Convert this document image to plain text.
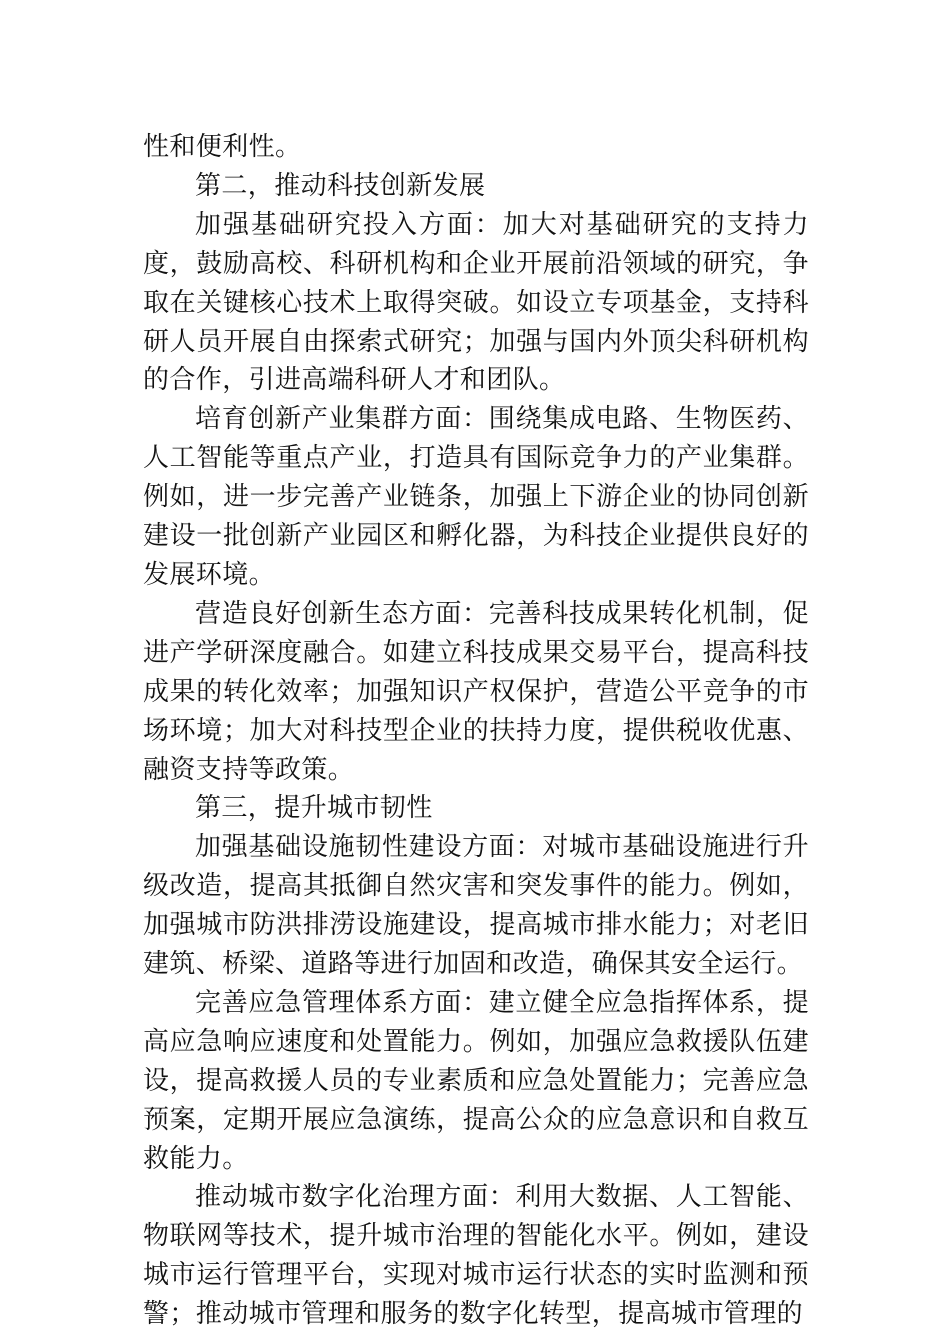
性和便利性。

第二，推动科技创新发展

加强基础研究投入方面：加大对基础研究的支持力度，鼓励高校、科研机构和企业开展前沿领域的研究，争取在关键核心技术上取得突破。如设立专项基金，支持科研人员开展自由探索式研究；加强与国内外顶尖科研机构的合作，引进高端科研人才和团队。

培育创新产业集群方面：围绕集成电路、生物医药、人工智能等重点产业，打造具有国际竞争力的产业集群。例如，进一步完善产业链条，加强上下游企业的协同创新建设一批创新产业园区和孵化器，为科技企业提供良好的发展环境。

营造良好创新生态方面：完善科技成果转化机制，促进产学研深度融合。如建立科技成果交易平台，提高科技成果的转化效率；加强知识产权保护，营造公平竞争的市场环境；加大对科技型企业的扶持力度，提供税收优惠、融资支持等政策。

第三，提升城市韧性

加强基础设施韧性建设方面：对城市基础设施进行升级改造，提高其抵御自然灾害和突发事件的能力。例如，加强城市防洪排涝设施建设，提高城市排水能力；对老旧建筑、桥梁、道路等进行加固和改造，确保其安全运行。

完善应急管理体系方面：建立健全应急指挥体系，提高应急响应速度和处置能力。例如，加强应急救援队伍建设，提高救援人员的专业素质和应急处置能力；完善应急预案，定期开展应急演练，提高公众的应急意识和自救互救能力。

推动城市数字化治理方面：利用大数据、人工智能、物联网等技术，提升城市治理的智能化水平。例如，建设城市运行管理平台，实现对城市运行状态的实时监测和预警；推动城市管理和服务的数字化转型，提高城市管理的
